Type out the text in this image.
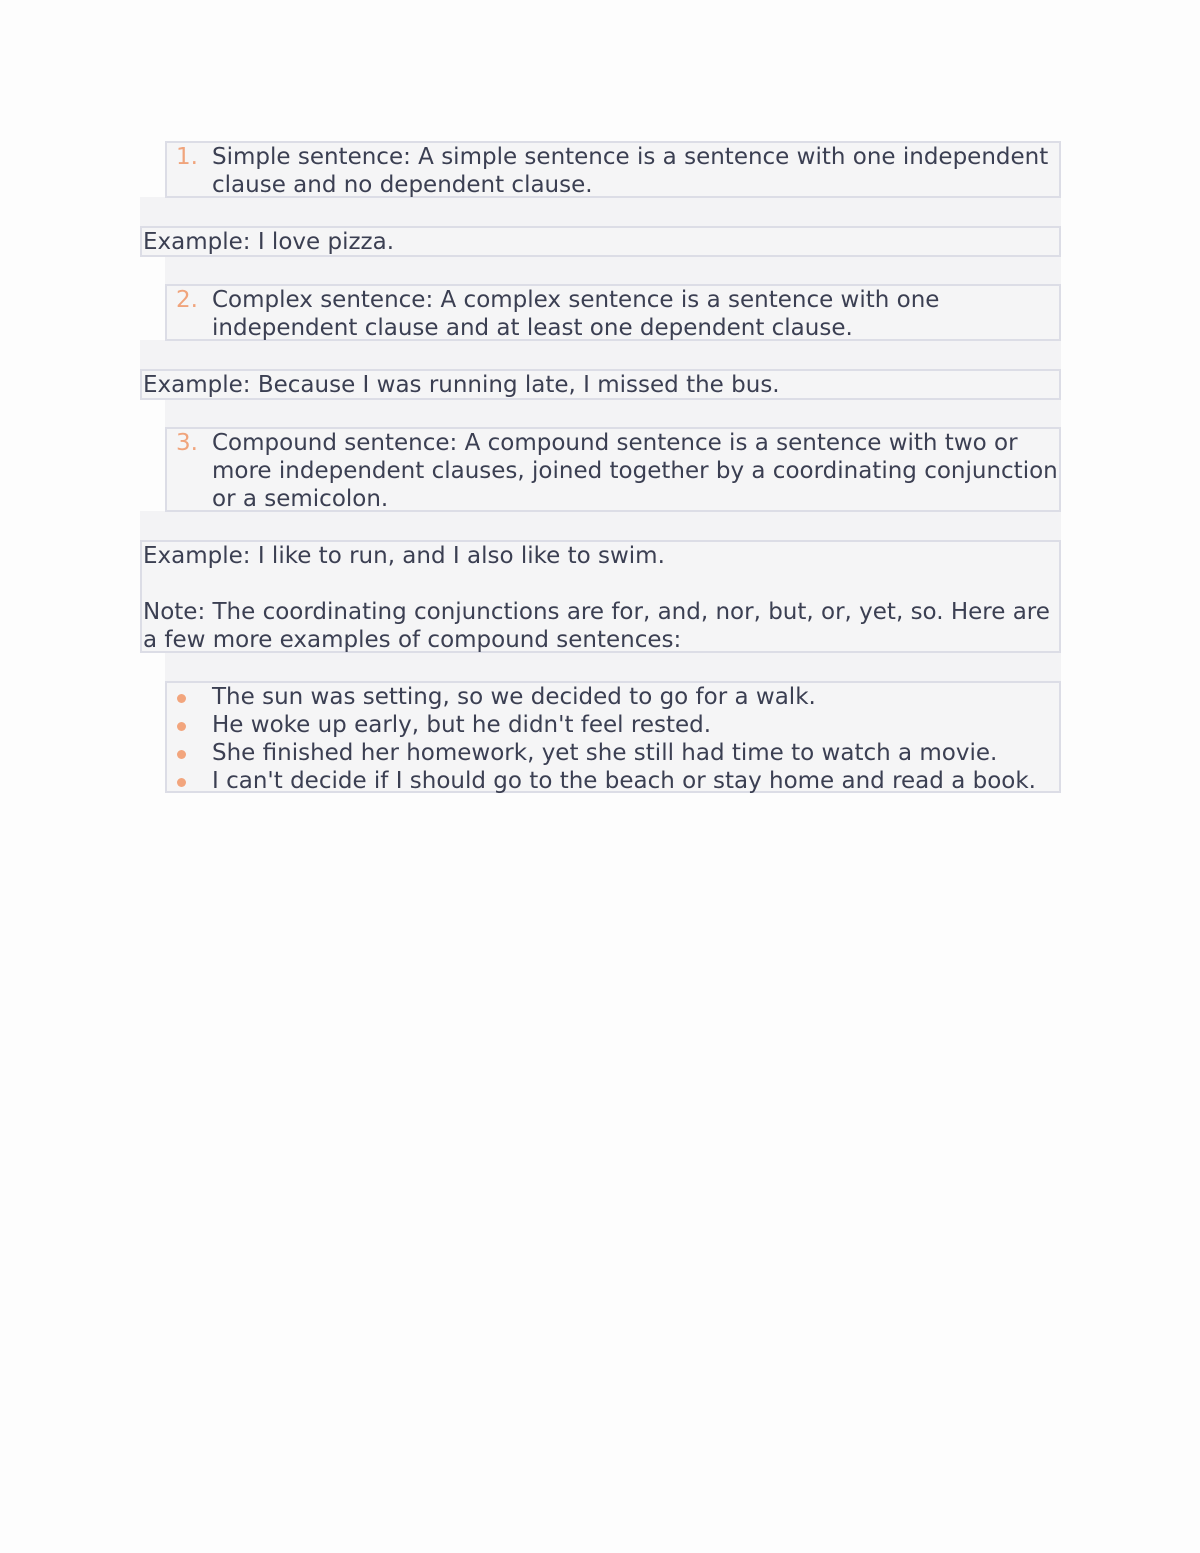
1. Simple sentence: A simple sentence is a sentence with one independent clause and no dependent clause.
Example: I love pizza.
2. Complex sentence: A complex sentence is a sentence with one independent clause and at least one dependent clause.
Example: Because I was running late, I missed the bus.
3. Compound sentence: A compound sentence is a sentence with two or more independent clauses, joined together by a coordinating conjunction or a semicolon.
Example: I like to run, and I also like to swim.
Note: The coordinating conjunctions are for, and, nor, but, or, yet, so. Here are a few more examples of compound sentences:
The sun was setting, so we decided to go for a walk.
He woke up early, but he didn't feel rested.
She finished her homework, yet she still had time to watch a movie.
I can't decide if I should go to the beach or stay home and read a book.
